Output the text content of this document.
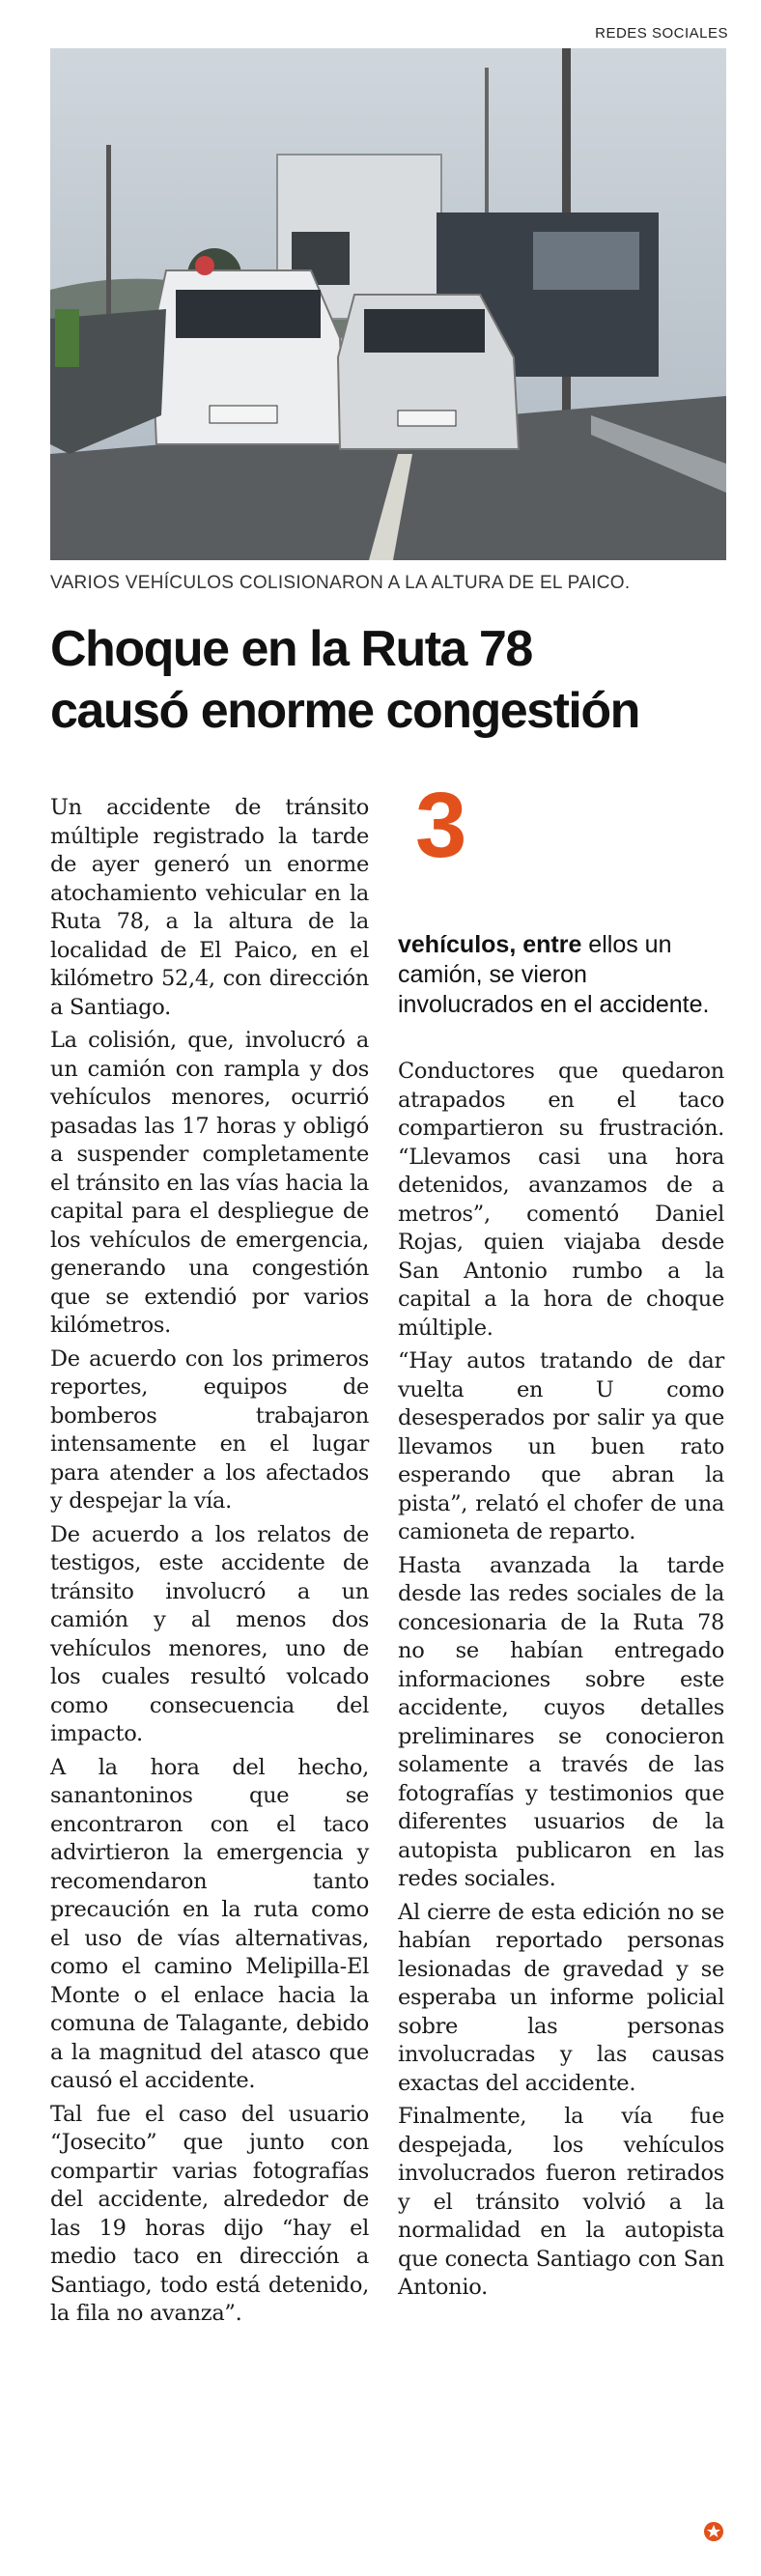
REDES SOCIALES
VARIOS VEHÍCULOS COLISIONARON A LA ALTURA DE EL PAICO.
Choque en la Ruta 78
causó enorme congestión

Un accidente de tránsito múltiple registrado la tarde de ayer generó un enorme atochamiento vehicular en la Ruta 78, a la altura de la localidad de El Paico, en el kilómetro 52,4, con dirección a Santiago.

La colisión, que, involucró a un camión con rampla y dos vehículos menores, ocurrió pasadas las 17 horas y obligó a suspender completamente el tránsito en las vías hacia la capital para el despliegue de los vehículos de emergencia, generando una congestión que se extendió por varios kilómetros.

De acuerdo con los primeros reportes, equipos de bomberos trabajaron intensamente en el lugar para atender a los afectados y despejar la vía.

De acuerdo a los relatos de testigos, este accidente de tránsito involucró a un camión y al menos dos vehículos menores, uno de los cuales resultó volcado como consecuencia del impacto.

A la hora del hecho, sanantoninos que se encontraron con el taco advirtieron la emergencia y recomendaron tanto precaución en la ruta como el uso de vías alternativas, como el camino Melipilla-El Monte o el enlace hacia la comuna de Talagante, debido a la magnitud del atasco que causó el accidente.

Tal fue el caso del usuario “Josecito” que junto con compartir varias fotografías del accidente, alrededor de las 19 horas dijo “hay el medio taco en dirección a Santiago, todo está detenido, la fila no avanza”.

3
vehículos, entre ellos un camión, se vieron involucrados en el accidente.

Conductores que quedaron atrapados en el taco compartieron su frustración. “Llevamos casi una hora detenidos, avanzamos de a metros”, comentó Daniel Rojas, quien viajaba desde San Antonio rumbo a la capital a la hora de choque múltiple.

“Hay autos tratando de dar vuelta en U como desesperados por salir ya que llevamos un buen rato esperando que abran la pista”, relató el chofer de una camioneta de reparto.

Hasta avanzada la tarde desde las redes sociales de la concesionaria de la Ruta 78 no se habían entregado informaciones sobre este accidente, cuyos detalles preliminares se conocieron solamente a través de las fotografías y testimonios que diferentes usuarios de la autopista publicaron en las redes sociales.

Al cierre de esta edición no se habían reportado personas lesionadas de gravedad y se esperaba un informe policial sobre las personas involucradas y las causas exactas del accidente.

Finalmente, la vía fue despejada, los vehículos involucrados fueron retirados y el tránsito volvió a la normalidad en la autopista que conecta Santiago con San Antonio.
